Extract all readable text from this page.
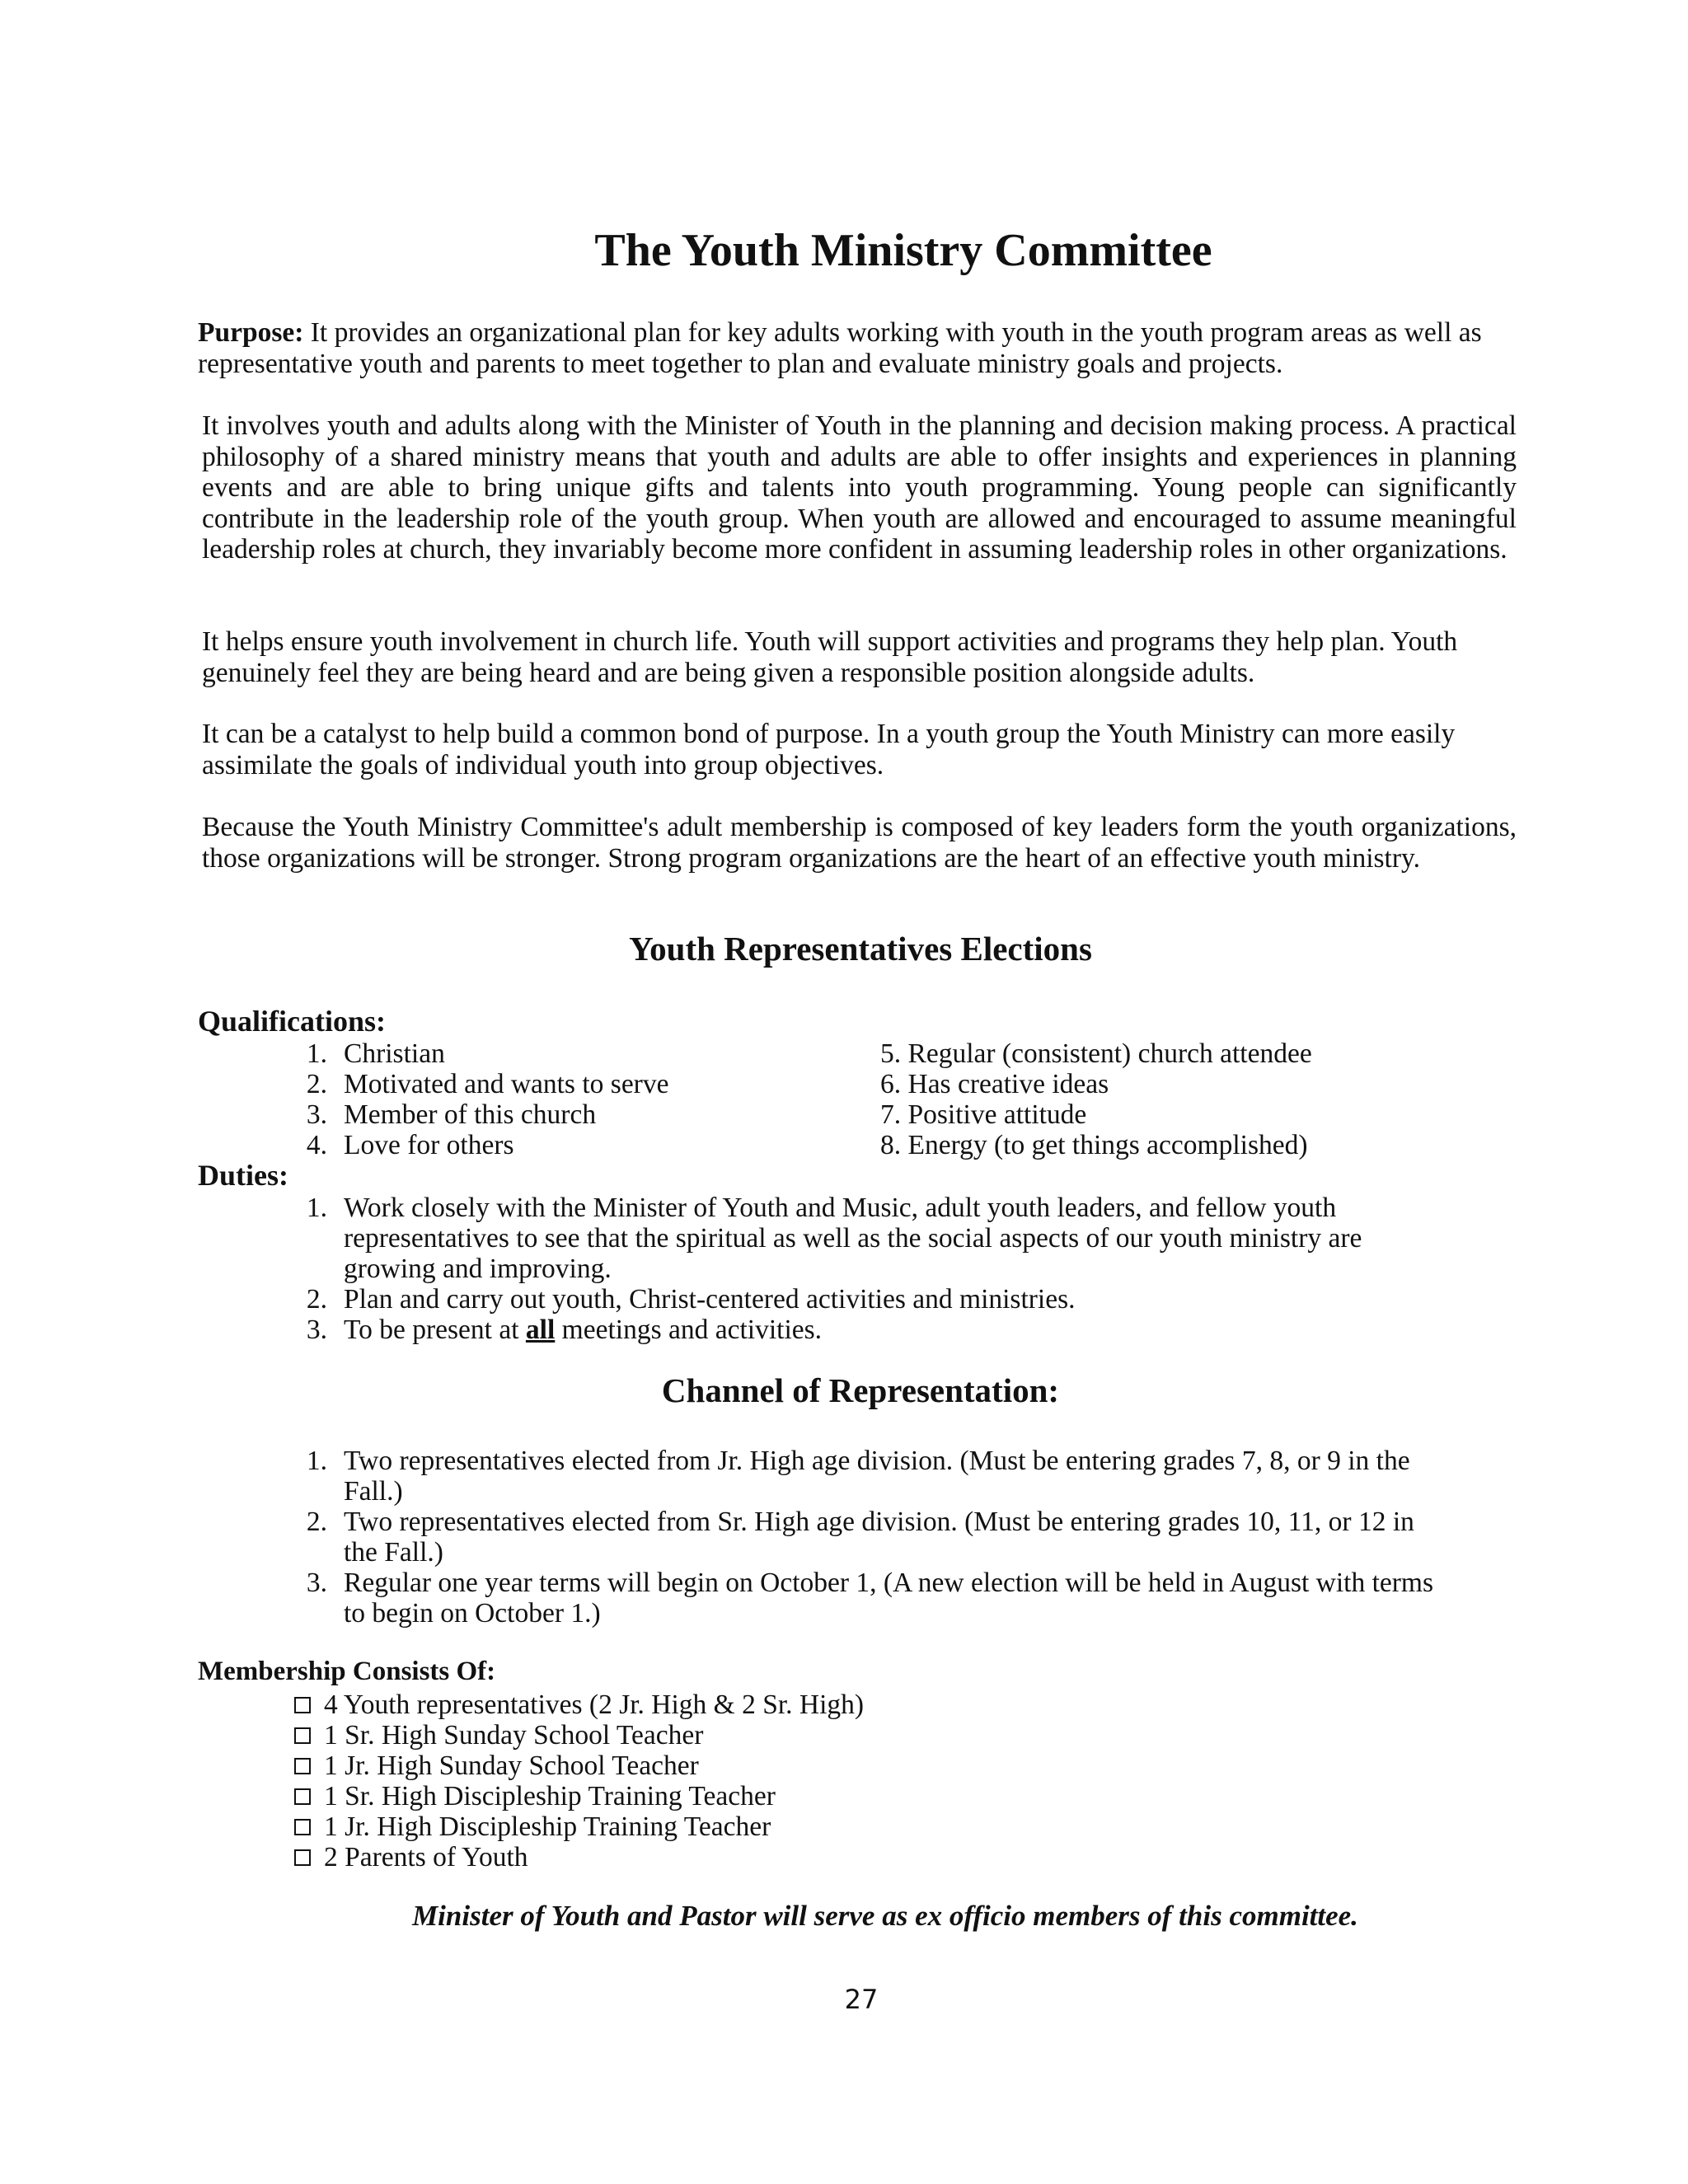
The Youth Ministry Committee

Purpose: It provides an organizational plan for key adults working with youth in the youth program areas as well as representative youth and parents to meet together to plan and evaluate ministry goals and projects.

It involves youth and adults along with the Minister of Youth in the planning and decision making process. A practical philosophy of a shared ministry means that youth and adults are able to offer insights and experiences in planning events and are able to bring unique gifts and talents into youth programming. Young people can significantly contribute in the leadership role of the youth group. When youth are allowed and encouraged to assume meaningful leadership roles at church, they invariably become more confident in assuming leadership roles in other organizations.

It helps ensure youth involvement in church life. Youth will support activities and programs they help plan. Youth genuinely feel they are being heard and are being given a responsible position alongside adults.

It can be a catalyst to help build a common bond of purpose. In a youth group the Youth Ministry can more easily assimilate the goals of individual youth into group objectives.

Because the Youth Ministry Committee's adult membership is composed of key leaders form the youth organizations, those organizations will be stronger. Strong program organizations are the heart of an effective youth ministry.

Youth Representatives Elections

Qualifications:

1. Christian
2. Motivated and wants to serve
3. Member of this church
4. Love for others
5. Regular (consistent) church attendee
6. Has creative ideas
7. Positive attitude
8. Energy (to get things accomplished)

Duties:

1. Work closely with the Minister of Youth and Music, adult youth leaders, and fellow youth representatives to see that the spiritual as well as the social aspects of our youth ministry are growing and improving.
2. Plan and carry out youth, Christ-centered activities and ministries.
3. To be present at all meetings and activities.
Channel of Representation:
1. Two representatives elected from Jr. High age division. (Must be entering grades 7, 8, or 9 in the Fall.)
2. Two representatives elected from Sr. High age division. (Must be entering grades 10, 11, or 12 in the Fall.)
3. Regular one year terms will begin on October 1, (A new election will be held in August with terms to begin on October 1.)

Membership Consists Of:

4 Youth representatives (2 Jr. High & 2 Sr. High)
1 Sr. High Sunday School Teacher
1 Jr. High Sunday School Teacher
1 Sr. High Discipleship Training Teacher
1 Jr. High Discipleship Training Teacher
2 Parents of Youth

Minister of Youth and Pastor will serve as ex officio members of this committee.

27
